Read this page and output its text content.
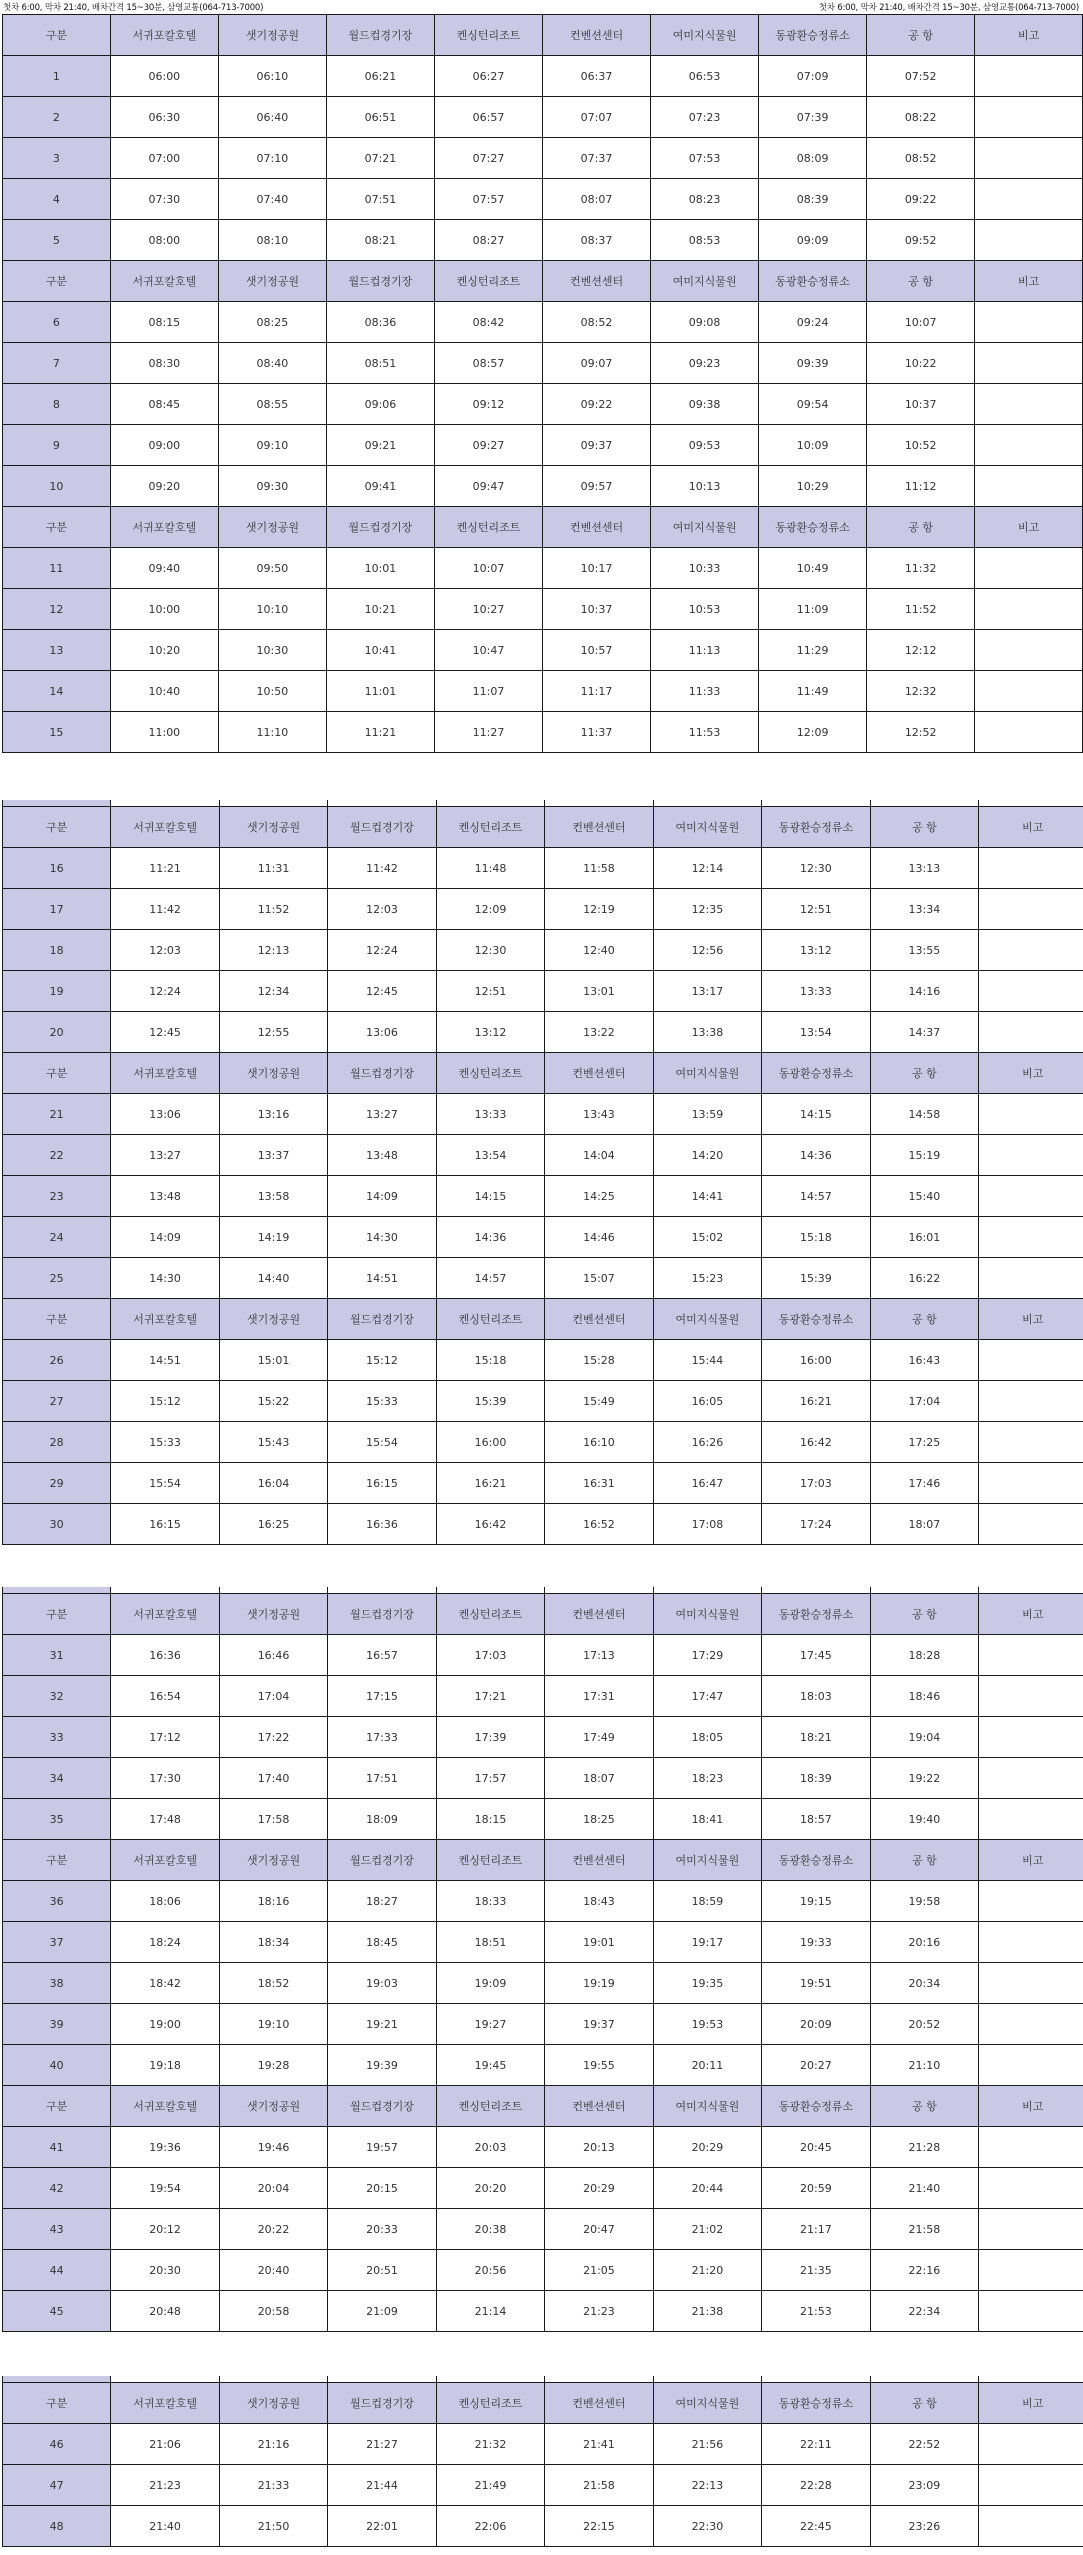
첫차 6:00, 막차 21:40, 배차간격 15~30분, 삼영교통(064-713-7000)	첫차 6:00, 막차 21:40, 배차간격 15~30분, 삼영교통(064-713-7000)
구분	서귀포칼호텔	샛기정공원	월드컵경기장	켄싱턴리조트	컨벤션센터	여미지식물원	동광환승정류소	공 항	비고
1	06:00	06:10	06:21	06:27	06:37	06:53	07:09	07:52	
2	06:30	06:40	06:51	06:57	07:07	07:23	07:39	08:22	
3	07:00	07:10	07:21	07:27	07:37	07:53	08:09	08:52	
4	07:30	07:40	07:51	07:57	08:07	08:23	08:39	09:22	
5	08:00	08:10	08:21	08:27	08:37	08:53	09:09	09:52	
구분	서귀포칼호텔	샛기정공원	월드컵경기장	켄싱턴리조트	컨벤션센터	여미지식물원	동광환승정류소	공 항	비고
6	08:15	08:25	08:36	08:42	08:52	09:08	09:24	10:07	
7	08:30	08:40	08:51	08:57	09:07	09:23	09:39	10:22	
8	08:45	08:55	09:06	09:12	09:22	09:38	09:54	10:37	
9	09:00	09:10	09:21	09:27	09:37	09:53	10:09	10:52	
10	09:20	09:30	09:41	09:47	09:57	10:13	10:29	11:12	
구분	서귀포칼호텔	샛기정공원	월드컵경기장	켄싱턴리조트	컨벤션센터	여미지식물원	동광환승정류소	공 항	비고
11	09:40	09:50	10:01	10:07	10:17	10:33	10:49	11:32	
12	10:00	10:10	10:21	10:27	10:37	10:53	11:09	11:52	
13	10:20	10:30	10:41	10:47	10:57	11:13	11:29	12:12	
14	10:40	10:50	11:01	11:07	11:17	11:33	11:49	12:32	
15	11:00	11:10	11:21	11:27	11:37	11:53	12:09	12:52	
구분	서귀포칼호텔	샛기정공원	월드컵경기장	켄싱턴리조트	컨벤션센터	여미지식물원	동광환승정류소	공 항	비고
16	11:21	11:31	11:42	11:48	11:58	12:14	12:30	13:13	
17	11:42	11:52	12:03	12:09	12:19	12:35	12:51	13:34	
18	12:03	12:13	12:24	12:30	12:40	12:56	13:12	13:55	
19	12:24	12:34	12:45	12:51	13:01	13:17	13:33	14:16	
20	12:45	12:55	13:06	13:12	13:22	13:38	13:54	14:37	
구분	서귀포칼호텔	샛기정공원	월드컵경기장	켄싱턴리조트	컨벤션센터	여미지식물원	동광환승정류소	공 항	비고
21	13:06	13:16	13:27	13:33	13:43	13:59	14:15	14:58	
22	13:27	13:37	13:48	13:54	14:04	14:20	14:36	15:19	
23	13:48	13:58	14:09	14:15	14:25	14:41	14:57	15:40	
24	14:09	14:19	14:30	14:36	14:46	15:02	15:18	16:01	
25	14:30	14:40	14:51	14:57	15:07	15:23	15:39	16:22	
구분	서귀포칼호텔	샛기정공원	월드컵경기장	켄싱턴리조트	컨벤션센터	여미지식물원	동광환승정류소	공 항	비고
26	14:51	15:01	15:12	15:18	15:28	15:44	16:00	16:43	
27	15:12	15:22	15:33	15:39	15:49	16:05	16:21	17:04	
28	15:33	15:43	15:54	16:00	16:10	16:26	16:42	17:25	
29	15:54	16:04	16:15	16:21	16:31	16:47	17:03	17:46	
30	16:15	16:25	16:36	16:42	16:52	17:08	17:24	18:07	
구분	서귀포칼호텔	샛기정공원	월드컵경기장	켄싱턴리조트	컨벤션센터	여미지식물원	동광환승정류소	공 항	비고
31	16:36	16:46	16:57	17:03	17:13	17:29	17:45	18:28	
32	16:54	17:04	17:15	17:21	17:31	17:47	18:03	18:46	
33	17:12	17:22	17:33	17:39	17:49	18:05	18:21	19:04	
34	17:30	17:40	17:51	17:57	18:07	18:23	18:39	19:22	
35	17:48	17:58	18:09	18:15	18:25	18:41	18:57	19:40	
구분	서귀포칼호텔	샛기정공원	월드컵경기장	켄싱턴리조트	컨벤션센터	여미지식물원	동광환승정류소	공 항	비고
36	18:06	18:16	18:27	18:33	18:43	18:59	19:15	19:58	
37	18:24	18:34	18:45	18:51	19:01	19:17	19:33	20:16	
38	18:42	18:52	19:03	19:09	19:19	19:35	19:51	20:34	
39	19:00	19:10	19:21	19:27	19:37	19:53	20:09	20:52	
40	19:18	19:28	19:39	19:45	19:55	20:11	20:27	21:10	
구분	서귀포칼호텔	샛기정공원	월드컵경기장	켄싱턴리조트	컨벤션센터	여미지식물원	동광환승정류소	공 항	비고
41	19:36	19:46	19:57	20:03	20:13	20:29	20:45	21:28	
42	19:54	20:04	20:15	20:20	20:29	20:44	20:59	21:40	
43	20:12	20:22	20:33	20:38	20:47	21:02	21:17	21:58	
44	20:30	20:40	20:51	20:56	21:05	21:20	21:35	22:16	
45	20:48	20:58	21:09	21:14	21:23	21:38	21:53	22:34	
구분	서귀포칼호텔	샛기정공원	월드컵경기장	켄싱턴리조트	컨벤션센터	여미지식물원	동광환승정류소	공 항	비고
46	21:06	21:16	21:27	21:32	21:41	21:56	22:11	22:52	
47	21:23	21:33	21:44	21:49	21:58	22:13	22:28	23:09	
48	21:40	21:50	22:01	22:06	22:15	22:30	22:45	23:26	
